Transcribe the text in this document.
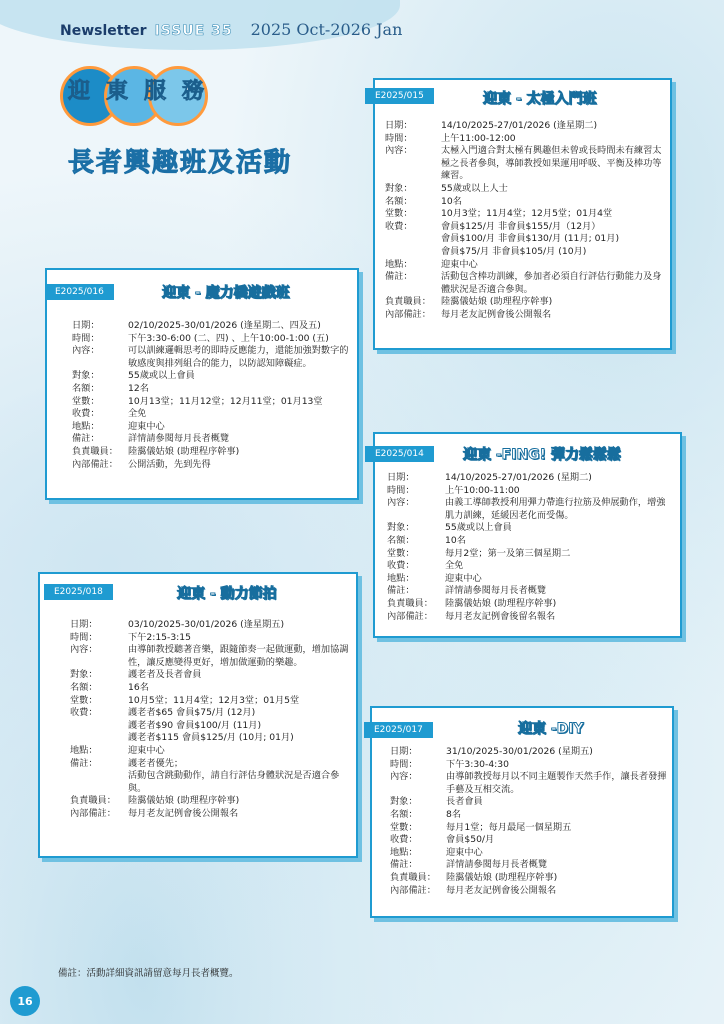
Newsletter ISSUE 35 2025 Oct-2026 Jan
迎東服務
長者興趣班及活動
E2025/015	迎東 - 太極入門班
日期：	14/10/2025-27/01/2026 (逢星期二)
時間：	上午11:00-12:00
內容：	太極入門適合對太極有興趣但未曾或長時間未有練習太極之長者參與，導師教授如果運用呼吸、平衡及棒功等練習。
對象：	55歲或以上人士
名額：	10名
堂數：	10月3堂；11月4堂；12月5堂；01月4堂
收費：	會員$125/月 非會員$155/月（12月）
會員$100/月 非會員$130/月 (11月; 01月)
會員$75/月 非會員$105/月 (10月)
地點：	迎東中心
備註：	活動包含棒功訓練，參加者必須自行評估行動能力及身體狀況是否適合參與。
負責職員：	陸靄儀姑娘 (助理程序幹事)
內部備註：	每月老友記例會後公開報名
E2025/016	迎東 - 魔力橋遊戲班
日期：	02/10/2025-30/01/2026 (逢星期二、四及五)
時間：	下午3:30-6:00 (二、四) 、上午10:00-1:00 (五)
內容：	可以訓練邏輯思考的即時反應能力，還能加強對數字的敏感度與排列組合的能力，以防認知障礙症。
對象：	55歲或以上會員
名額：	12名
堂數：	10月13堂；11月12堂；12月11堂；01月13堂
收費：	全免
地點：	迎東中心
備註：	詳情請參閱每月長者概覽
負責職員：	陸靄儀姑娘 (助理程序幹事)
內部備註：	公開活動，先到先得
E2025/014	迎東 -FING! 彈力鬆鬆鬆
日期：	14/10/2025-27/01/2026 (星期二)
時間：	上午10:00-11:00
內容：	由義工導師教授利用彈力帶進行拉筋及伸展動作，增強肌力訓練，延緩因老化而受傷。
對象：	55歲或以上會員
名額：	10名
堂數：	每月2堂；第一及第三個星期二
收費：	全免
地點：	迎東中心
備註：	詳情請參閱每月長者概覽
負責職員：	陸靄儀姑娘 (助理程序幹事)
內部備註：	每月老友記例會後留名報名
E2025/018	迎東 - 動力節拍
日期：	03/10/2025-30/01/2026 (逢星期五)
時間：	下午2:15-3:15
內容：	由導師教授聽著音樂，跟隨節奏一起做運動，增加協調性，讓反應變得更好，增加做運動的樂趣。
對象：	護老者及長者會員
名額：	16名
堂數：	10月5堂；11月4堂；12月3堂；01月5堂
收費：	護老者$65 會員$75/月 (12月)
護老者$90 會員$100/月 (11月)
護老者$115 會員$125/月 (10月; 01月)
地點：	迎東中心
備註：	護老者優先；
活動包含跳動動作，請自行評估身體狀況是否適合參與。
負責職員：	陸靄儀姑娘 (助理程序幹事)
內部備註：	每月老友記例會後公開報名
E2025/017	迎東 -DIY
日期：	31/10/2025-30/01/2026 (星期五)
時間：	下午3:30-4:30
內容：	由導師教授每月以不同主題製作天然手作，讓長者發揮手藝及互相交流。
對象：	長者會員
名額：	8名
堂數：	每月1堂；每月最尾一個星期五
收費：	會員$50/月
地點：	迎東中心
備註：	詳情請參閱每月長者概覽
負責職員：	陸靄儀姑娘 (助理程序幹事)
內部備註：	每月老友記例會後公開報名
備註：活動詳細資訊請留意每月長者概覽。
16
